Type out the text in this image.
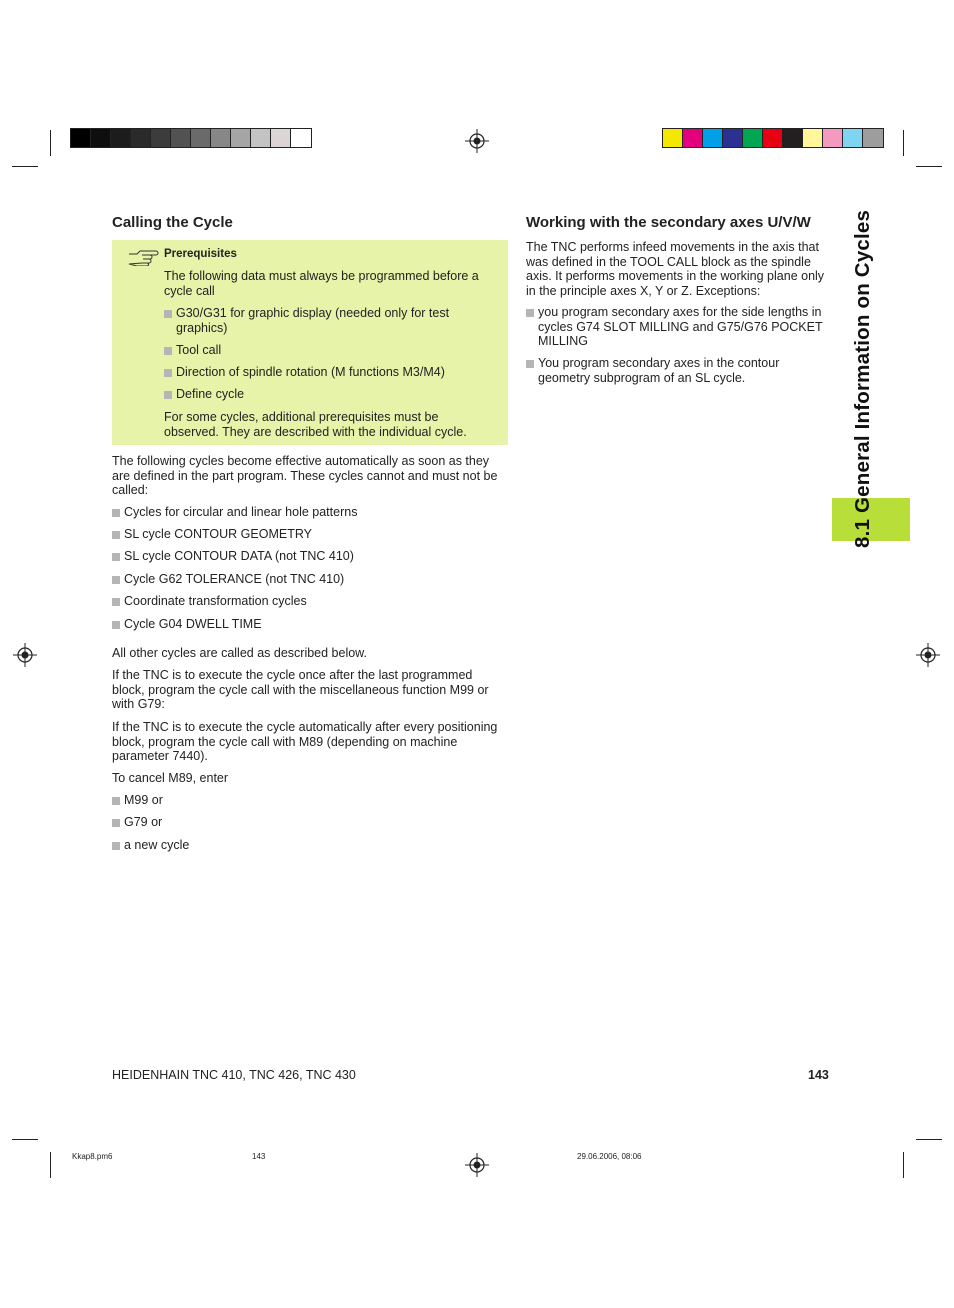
Calling the Cycle
Prerequisites
The following data must always be programmed before a cycle call
G30/G31 for graphic display (needed only for test graphics)
Tool call
Direction of spindle rotation (M functions M3/M4)
Define cycle
For some cycles, additional prerequisites must be observed. They are described with the individual cycle.
The following cycles become effective automatically as soon as they are defined in the part program. These cycles cannot and must not be called:
Cycles for circular and linear hole patterns
SL cycle CONTOUR GEOMETRY
SL cycle CONTOUR DATA (not TNC 410)
Cycle G62 TOLERANCE (not TNC 410)
Coordinate transformation cycles
Cycle G04 DWELL TIME
All other cycles are called as described below.
If the TNC is to execute the cycle once after the last programmed block, program the cycle call with the miscellaneous function M99 or with G79:
If the TNC is to execute the cycle automatically after every positioning block, program the cycle call with M89 (depending on machine parameter 7440).
To cancel M89, enter
M99 or
G79 or
a new cycle
Working with the secondary axes U/V/W
The TNC performs infeed movements in the axis that was defined in the TOOL CALL block as the spindle axis. It performs movements in the working plane only in the principle axes X, Y or Z. Exceptions:
you program secondary axes for the side lengths in cycles G74 SLOT MILLING and G75/G76 POCKET MILLING
You program secondary axes in the contour geometry subprogram of an SL cycle.	8.1 General Information on Cycles
HEIDENHAIN TNC 410, TNC 426, TNC 430	143
Kkap8.pm6	143	29.06.2006, 08:06
